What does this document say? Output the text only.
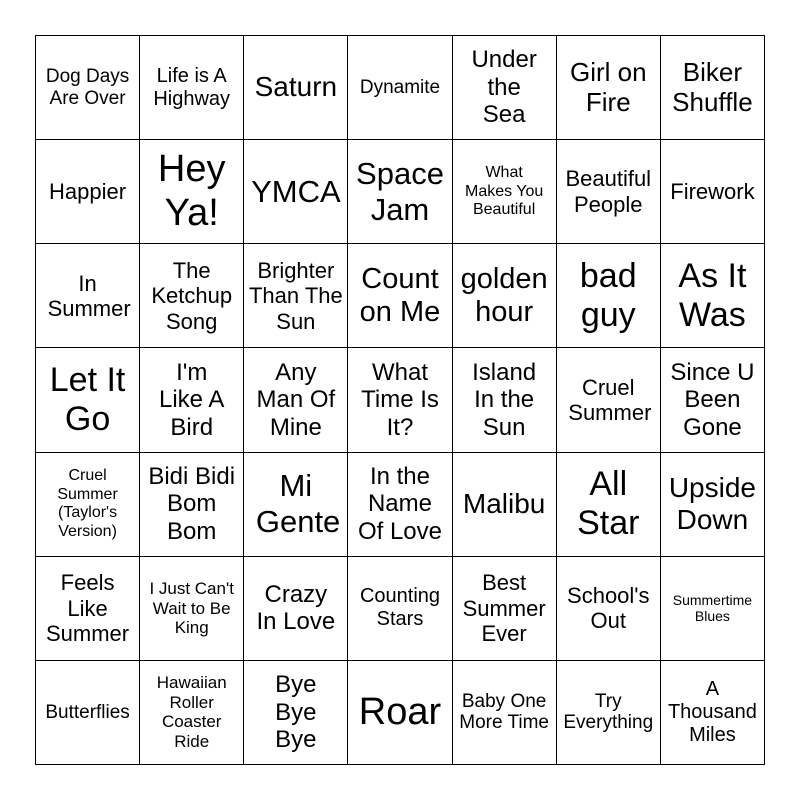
Dog Days Are Over
Life is A Highway Saturn Dynamite
Under the Sea
Girl on Fire
Biker Shuffle
Happier
Hey Ya!
YMCA
Space Jam
What Makes You Beautiful
Beautiful People
Firework
In Summer
The Ketchup Song
Brighter Than The Sun
Count on Me
golden hour
bad guy
As It Was
Let It Go
I'm Like A Bird
Any Man Of Mine
What Time Is It?
Island In the Sun
Cruel Summer
Since U Been Gone
Cruel Summer (Taylor's Version)
Bidi Bidi Bom Bom
Mi Gente
In the Name Of Love
Malibu
All Star
Upside Down
Feels Like Summer
I Just Can't Wait to Be King
Crazy In Love
Counting Stars
Best Summer Ever
School's Out
Summertime Blues
Butterflies
Hawaiian Roller Coaster Ride
Bye Bye Bye
Roar	Baby One More Time
Try Everything
A Thousand Miles
